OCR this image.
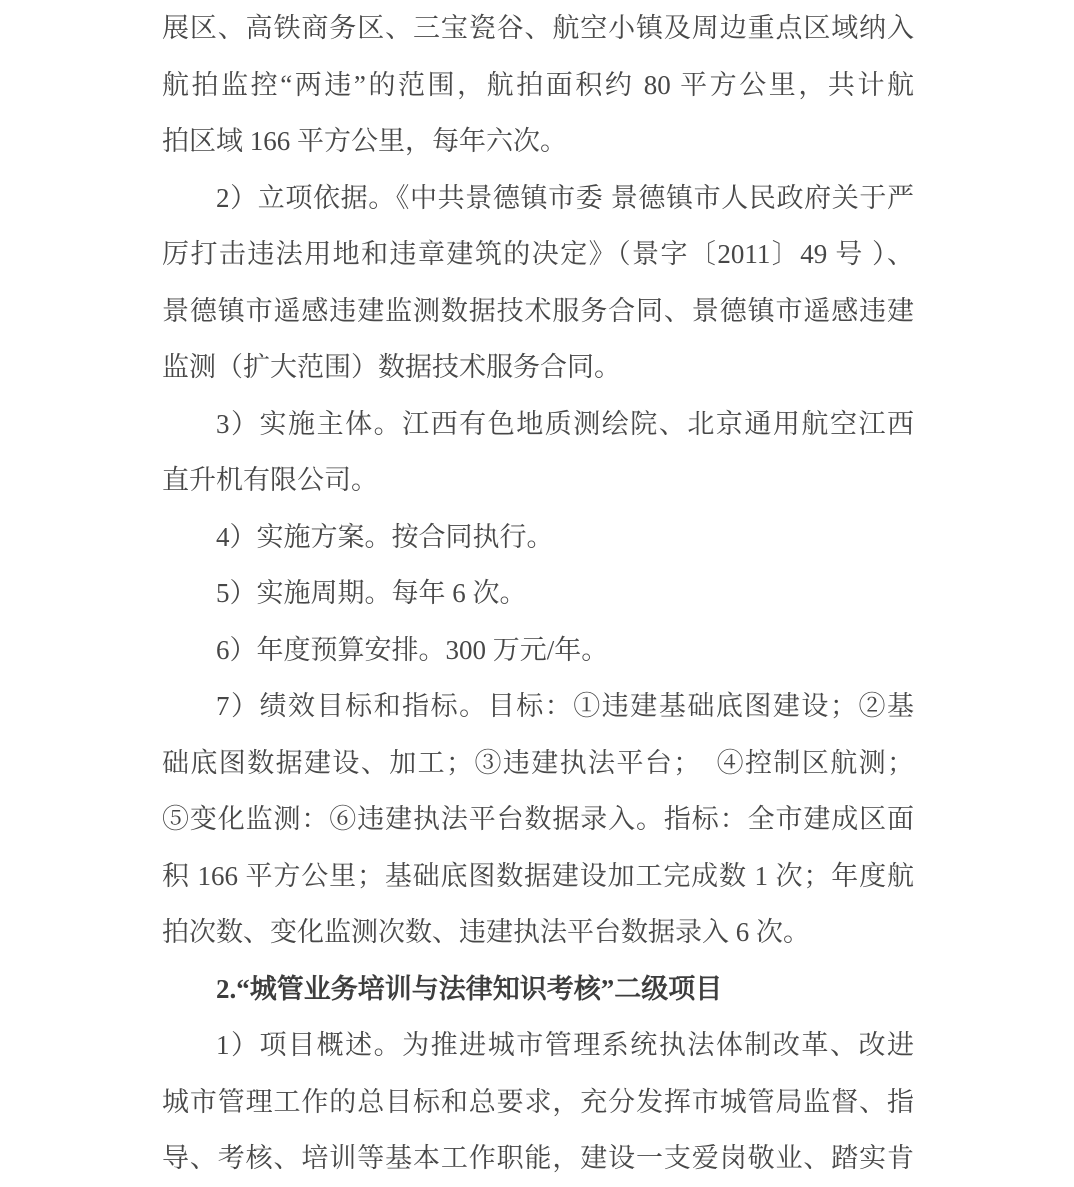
展区、高铁商务区、三宝瓷谷、航空小镇及周边重点区域纳入
航拍监控“两违”的范围，航拍面积约 80 平方公里，共计航
拍区域 166 平方公里，每年六次。
2）立项依据。《中共景德镇市委 景德镇市人民政府关于严
厉打击违法用地和违章建筑的决定》（景字〔2011〕49 号 ）、
景德镇市遥感违建监测数据技术服务合同、景德镇市遥感违建
监测（扩大范围）数据技术服务合同。
3）实施主体。江西有色地质测绘院、北京通用航空江西
直升机有限公司。
4）实施方案。按合同执行。
5）实施周期。每年 6 次。
6）年度预算安排。300 万元/年。
7）绩效目标和指标。目标：①违建基础底图建设；②基
础底图数据建设、加工；③违建执法平台；　④控制区航测；
⑤变化监测：⑥违建执法平台数据录入。指标：全市建成区面
积 166 平方公里；基础底图数据建设加工完成数 1 次；年度航
拍次数、变化监测次数、违建执法平台数据录入 6 次。
2.“城管业务培训与法律知识考核”二级项目
1）项目概述。为推进城市管理系统执法体制改革、改进
城市管理工作的总目标和总要求，充分发挥市城管局监督、指
导、考核、培训等基本工作职能，建设一支爱岗敬业、踏实肯
